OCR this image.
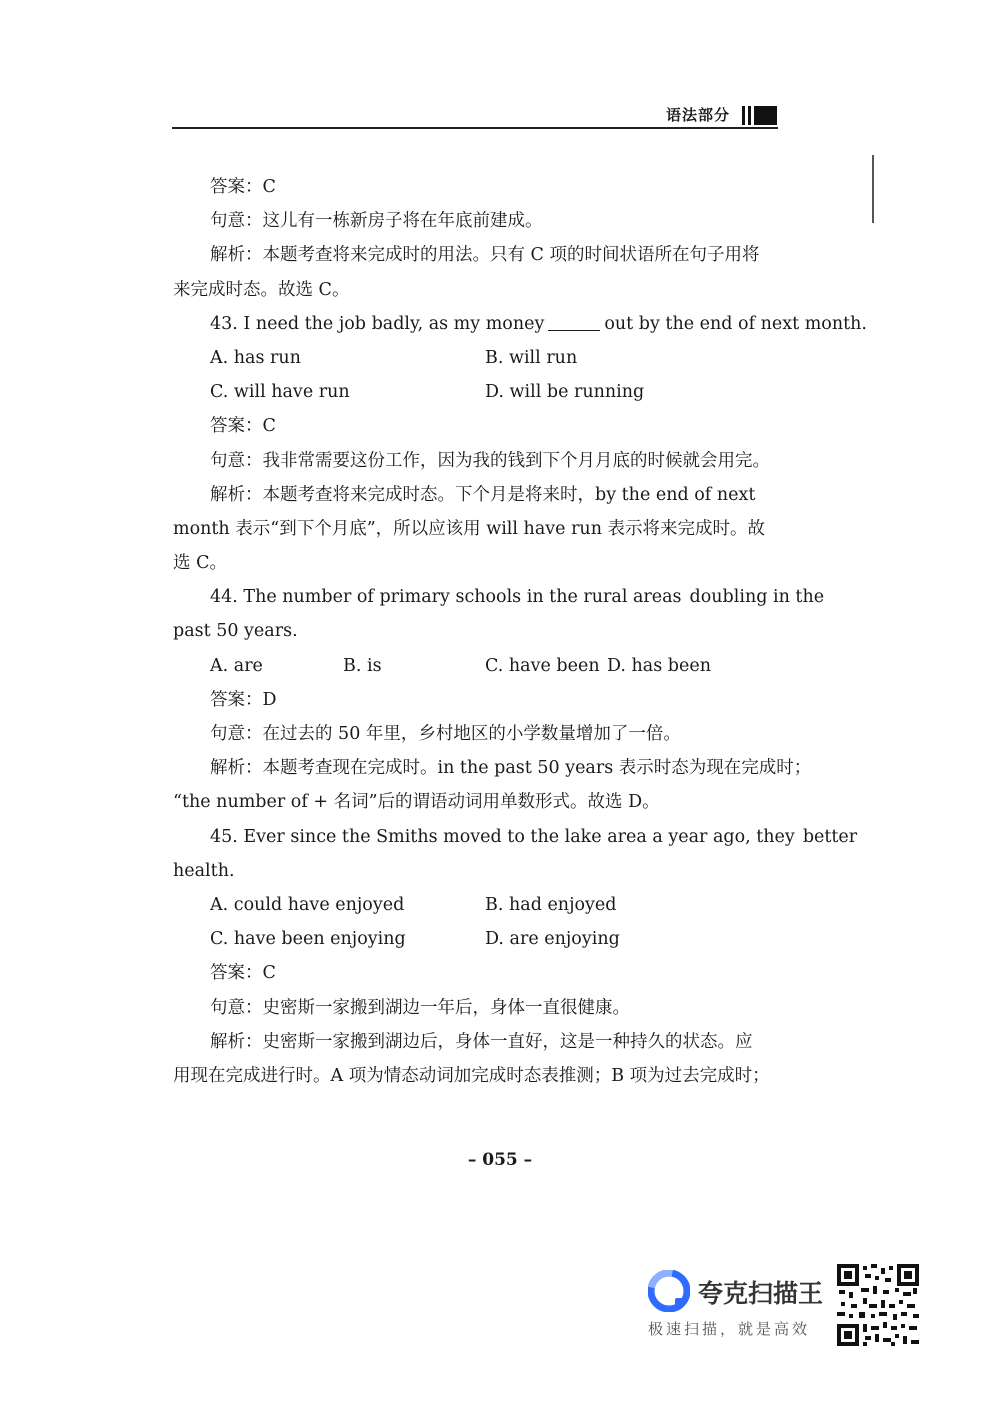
语法部分
答案：C
句意：这儿有一栋新房子将在年底前建成。
解析：本题考查将来完成时的用法。只有 C 项的时间状语所在句子用将
来完成时态。故选 C。
43. I need the job badly, as my money	out by the end of next month.
A. has run	B. will run
C. will have run	D. will be running
答案：C
句意：我非常需要这份工作，因为我的钱到下个月月底的时候就会用完。
解析：本题考查将来完成时态。下个月是将来时，by the end of next
month 表示“到下个月底”，所以应该用 will have run 表示将来完成时。故
选 C。
44. The number of primary schools in the rural areas doubling in the
past 50 years.
A. are	B. is	C. have been D. has been
答案：D
句意：在过去的 50 年里，乡村地区的小学数量增加了一倍。
解析：本题考查现在完成时。in the past 50 years 表示时态为现在完成时；
“the number of + 名词”后的谓语动词用单数形式。故选 D。
45. Ever since the Smiths moved to the lake area a year ago, they better
health.
A. could have enjoyed	B. had enjoyed
C. have been enjoying	D. are enjoying
答案：C
句意：史密斯一家搬到湖边一年后，身体一直很健康。
解析：史密斯一家搬到湖边后，身体一直好，这是一种持久的状态。应
用现在完成进行时。A 项为情态动词加完成时态表推测；B 项为过去完成时；
– 055 –
夸克扫描王
极速扫描，就是高效
